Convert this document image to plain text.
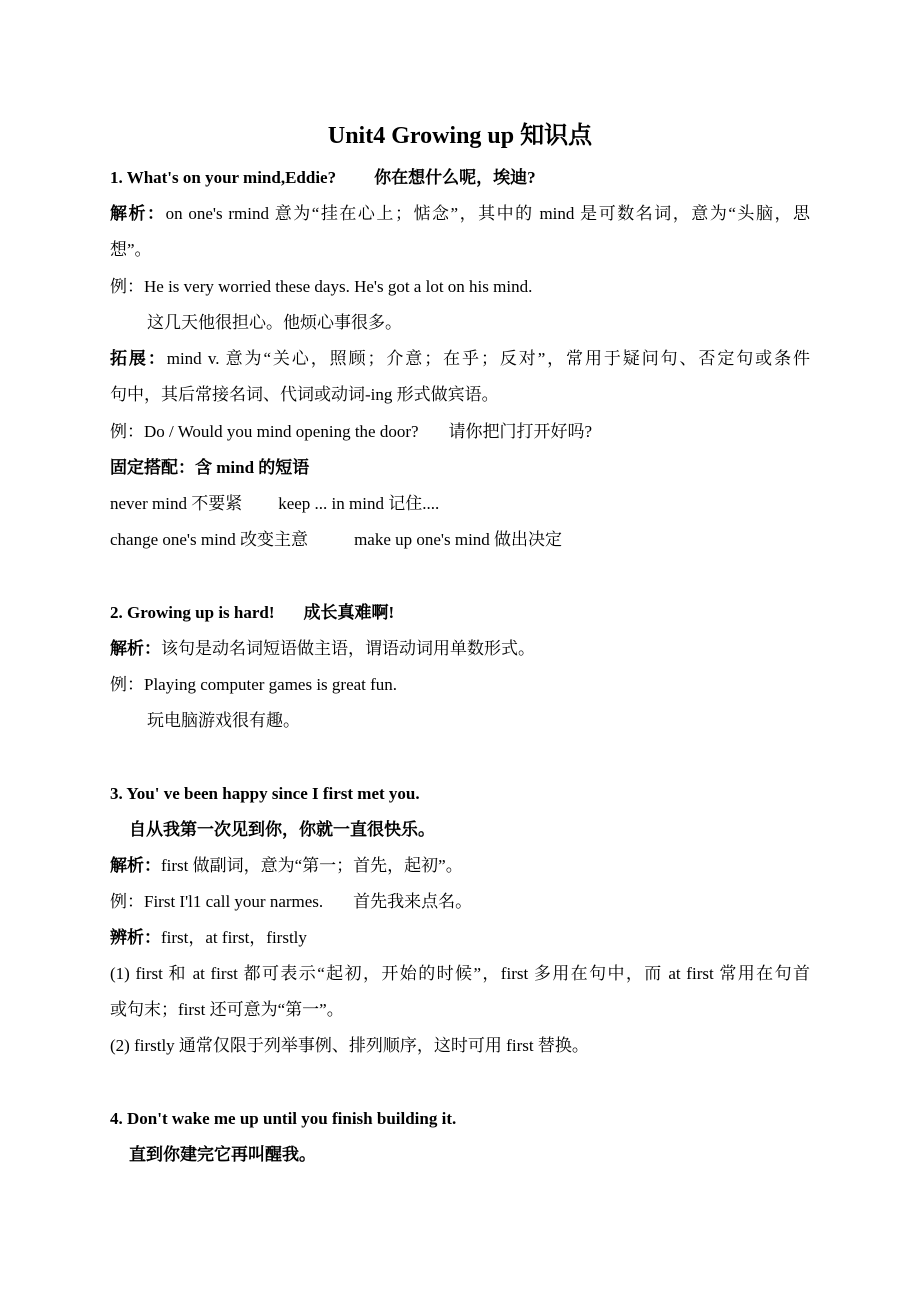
Unit4 Growing up 知识点
1. What's on your mind,Eddie? 你在想什么呢，埃迪?
解析：on one's rmind 意为“挂在心上；惦念”，其中的 mind 是可数名词，意为“头脑，思
想”。
例：He is very worried these days. He's got a lot on his mind.
这几天他很担心。他烦心事很多。
拓展：mind v. 意为“关心，照顾；介意；在乎；反对”，常用于疑问句、否定句或条件
句中，其后常接名词、代词或动词-ing 形式做宾语。
例：Do / Would you mind opening the door? 请你把门打开好吗?
固定搭配：含 mind 的短语
never mind 不要紧 keep ... in mind 记住....
change one's mind 改变主意	make up one's mind 做出决定
2. Growing up is hard! 成长真难啊!
解析：该句是动名词短语做主语，谓语动词用单数形式。
例：Playing computer games is great fun.
玩电脑游戏很有趣。
3. You' ve been happy since I first met you.
自从我第一次见到你，你就一直很快乐。
解析：first 做副词，意为“第一；首先，起初”。
例：First I'l1 call your narmes. 首先我来点名。
辨析：first，at first，firstly
(1) first 和 at first 都可表示“起初，开始的时候”，first 多用在句中，而 at first 常用在句首
或句末；first 还可意为“第一”。
(2) firstly 通常仅限于列举事例、排列顺序，这时可用 first 替换。
4. Don't wake me up until you finish building it.
直到你建完它再叫醒我。
